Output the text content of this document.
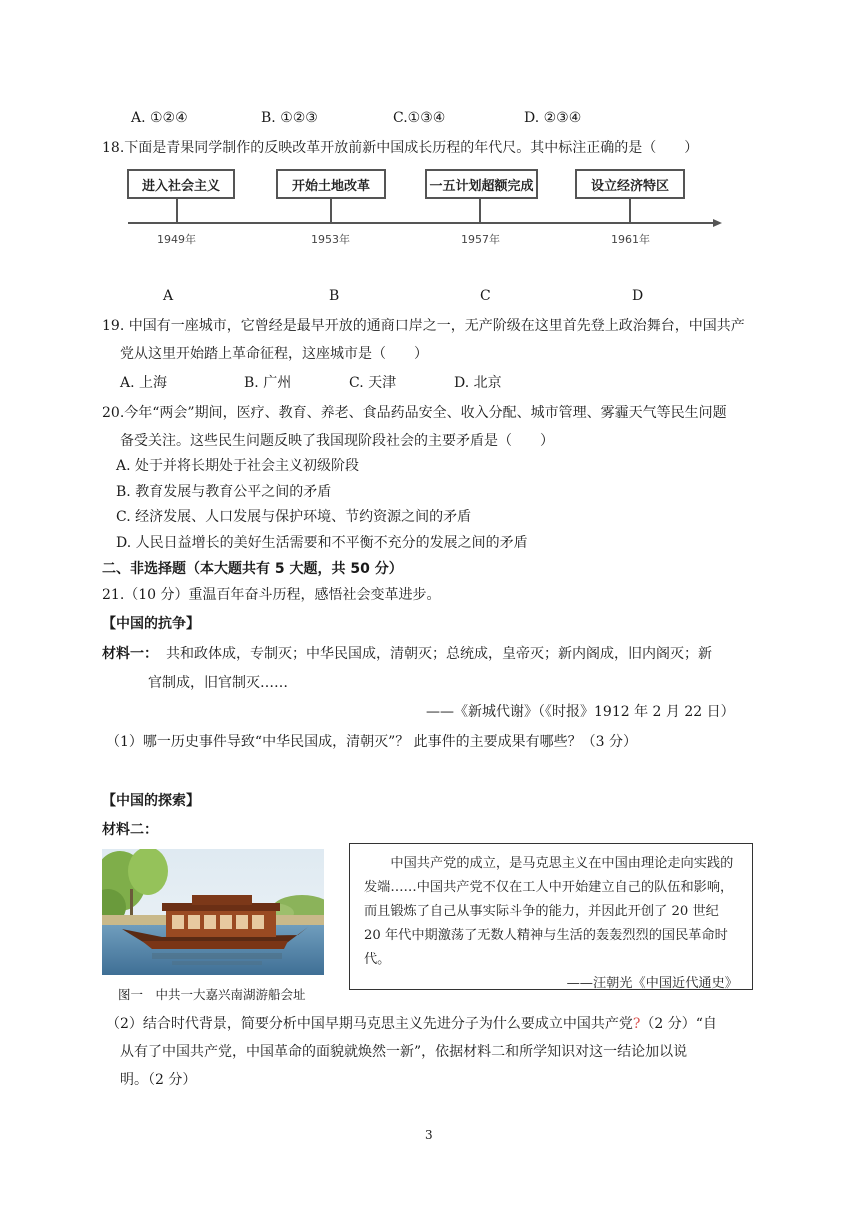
A. ①②④	B. ①②③	C.①③④	D. ②③④
18.下面是青果同学制作的反映改革开放前新中国成长历程的年代尺。其中标注正确的是（　　）
进入社会主义	开始土地改革	一五计划超额完成	设立经济特区
1949年	1953年	1957年	1961年
A	B	C	D
19. 中国有一座城市，它曾经是最早开放的通商口岸之一，无产阶级在这里首先登上政治舞台，中国共产
党从这里开始踏上革命征程，这座城市是（　　）
A. 上海	B. 广州	C. 天津	D. 北京
20.今年“两会”期间，医疗、教育、养老、食品药品安全、收入分配、城市管理、雾霾天气等民生问题
备受关注。这些民生问题反映了我国现阶段社会的主要矛盾是（　　）
A. 处于并将长期处于社会主义初级阶段
B. 教育发展与教育公平之间的矛盾
C. 经济发展、人口发展与保护环境、节约资源之间的矛盾
D. 人民日益增长的美好生活需要和不平衡不充分的发展之间的矛盾
二、非选择题（本大题共有 5 大题，共 50 分）
21.（10 分）重温百年奋斗历程，感悟社会变革进步。
【中国的抗争】
材料一： 共和政体成，专制灭；中华民国成，清朝灭；总统成，皇帝灭；新内阁成，旧内阁灭；新
官制成，旧官制灭……
——《新城代谢》（《时报》1912 年 2 月 22 日）
（1）哪一历史事件导致“中华民国成，清朝灭”？ 此事件的主要成果有哪些？（3 分）
【中国的探索】
材料二：
图一　中共一大嘉兴南湖游船会址

中国共产党的成立，是马克思主义在中国由理论走向实践的发端……中国共产党不仅在工人中开始建立自己的队伍和影响，而且锻炼了自己从事实际斗争的能力，并因此开创了 20 世纪 20 年代中期激荡了无数人精神与生活的轰轰烈烈的国民革命时代。

——汪朝光《中国近代通史》

（2）结合时代背景，简要分析中国早期马克思主义先进分子为什么要成立中国共产党?（2 分）“自
从有了中国共产党，中国革命的面貌就焕然一新”，依据材料二和所学知识对这一结论加以说
明。（2 分）
3
